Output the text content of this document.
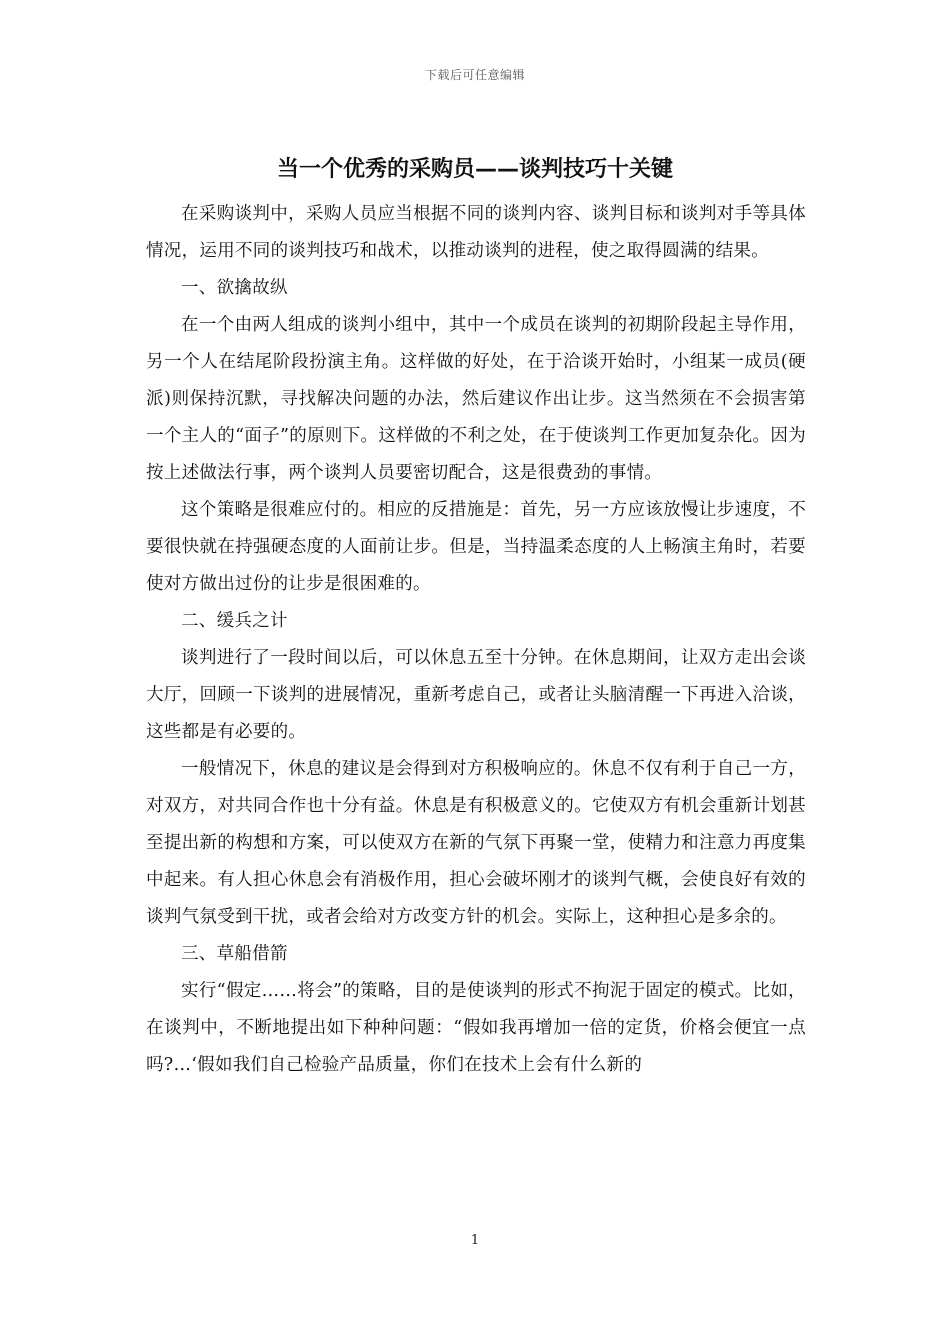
下载后可任意编辑
当一个优秀的采购员——谈判技巧十关键

在采购谈判中，采购人员应当根据不同的谈判内容、谈判目标和谈判对手等具体情况，运用不同的谈判技巧和战术，以推动谈判的进程，使之取得圆满的结果。

一、欲擒故纵

在一个由两人组成的谈判小组中，其中一个成员在谈判的初期阶段起主导作用，另一个人在结尾阶段扮演主角。这样做的好处，在于洽谈开始时，小组某一成员(硬派)则保持沉默，寻找解决问题的办法，然后建议作出让步。这当然须在不会损害第一个主人的“面子”的原则下。这样做的不利之处，在于使谈判工作更加复杂化。因为按上述做法行事，两个谈判人员要密切配合，这是很费劲的事情。

这个策略是很难应付的。相应的反措施是：首先，另一方应该放慢让步速度，不要很快就在持强硬态度的人面前让步。但是，当持温柔态度的人上畅演主角时，若要使对方做出过份的让步是很困难的。

二、缓兵之计

谈判进行了一段时间以后，可以休息五至十分钟。在休息期间，让双方走出会谈大厅，回顾一下谈判的进展情况，重新考虑自己，或者让头脑清醒一下再进入洽谈，这些都是有必要的。

一般情况下，休息的建议是会得到对方积极响应的。休息不仅有利于自己一方，对双方，对共同合作也十分有益。休息是有积极意义的。它使双方有机会重新计划甚至提出新的构想和方案，可以使双方在新的气氛下再聚一堂，使精力和注意力再度集中起来。有人担心休息会有消极作用，担心会破坏刚才的谈判气概，会使良好有效的谈判气氛受到干扰，或者会给对方改变方针的机会。实际上，这种担心是多余的。

三、草船借箭

实行“假定……将会”的策略，目的是使谈判的形式不拘泥于固定的模式。比如，在谈判中，不断地提出如下种种问题：“假如我再增加一倍的定货，价格会便宜一点吗?…‘假如我们自己检验产品质量，你们在技术上会有什么新的

1
